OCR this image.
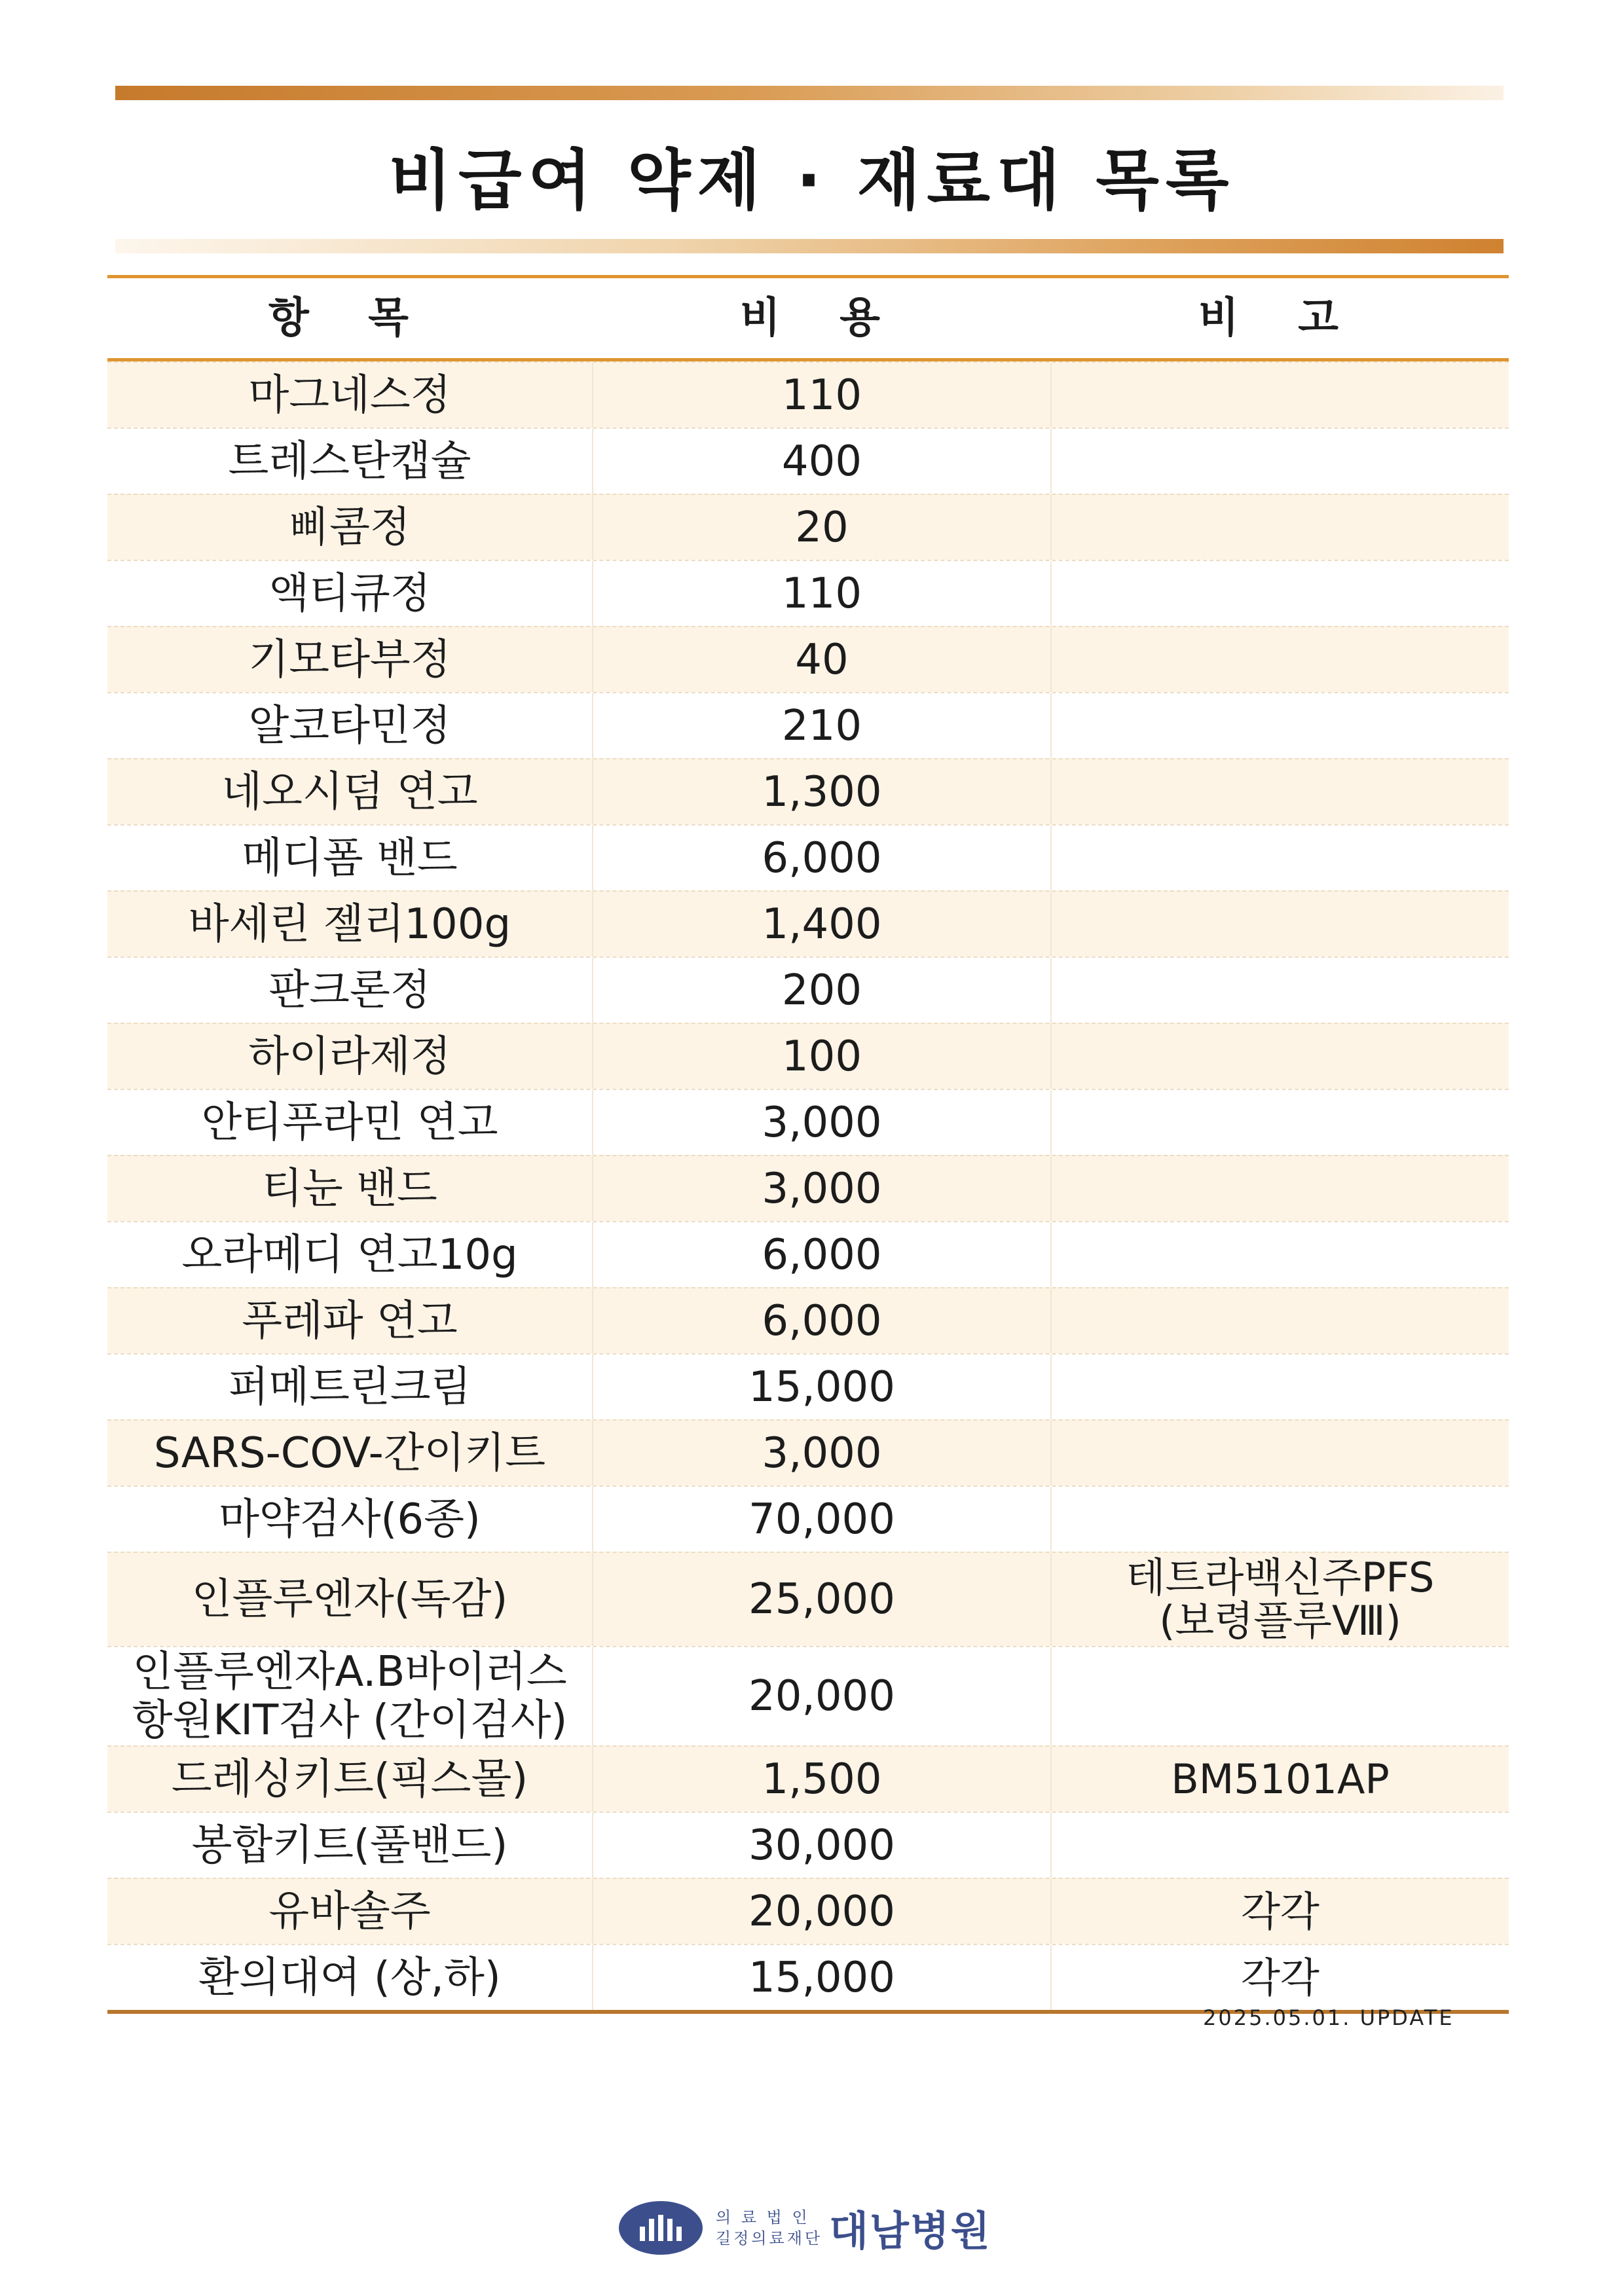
비급여 약제 · 재료대 목록
항 목	비 용	비 고
마그네스정	110
트레스탄캡슐	400
삐콤정	20
액티큐정	110
기모타부정	40
알코타민정	210
네오시덤 연고	1,300
메디폼 밴드	6,000
바세린 젤리100g	1,400
판크론정	200
하이라제정	100
안티푸라민 연고	3,000
티눈 밴드	3,000
오라메디 연고10g	6,000
푸레파 연고	6,000
퍼메트린크림	15,000
SARS-COV-간이키트	3,000
마약검사(6종)	70,000
인플루엔자(독감)	25,000	테트라백신주PFS
(보령플루Ⅷ)
인플루엔자A.B바이러스
항원KIT검사 (간이검사)	20,000
드레싱키트(픽스몰)	1,500	BM5101AP
봉합키트(풀밴드)	30,000
유바솔주	20,000	각각
환의대여 (상,하)	15,000	각각
2025.05.01. UPDATE
의 료 법 인
길정의료재단 대남병원
